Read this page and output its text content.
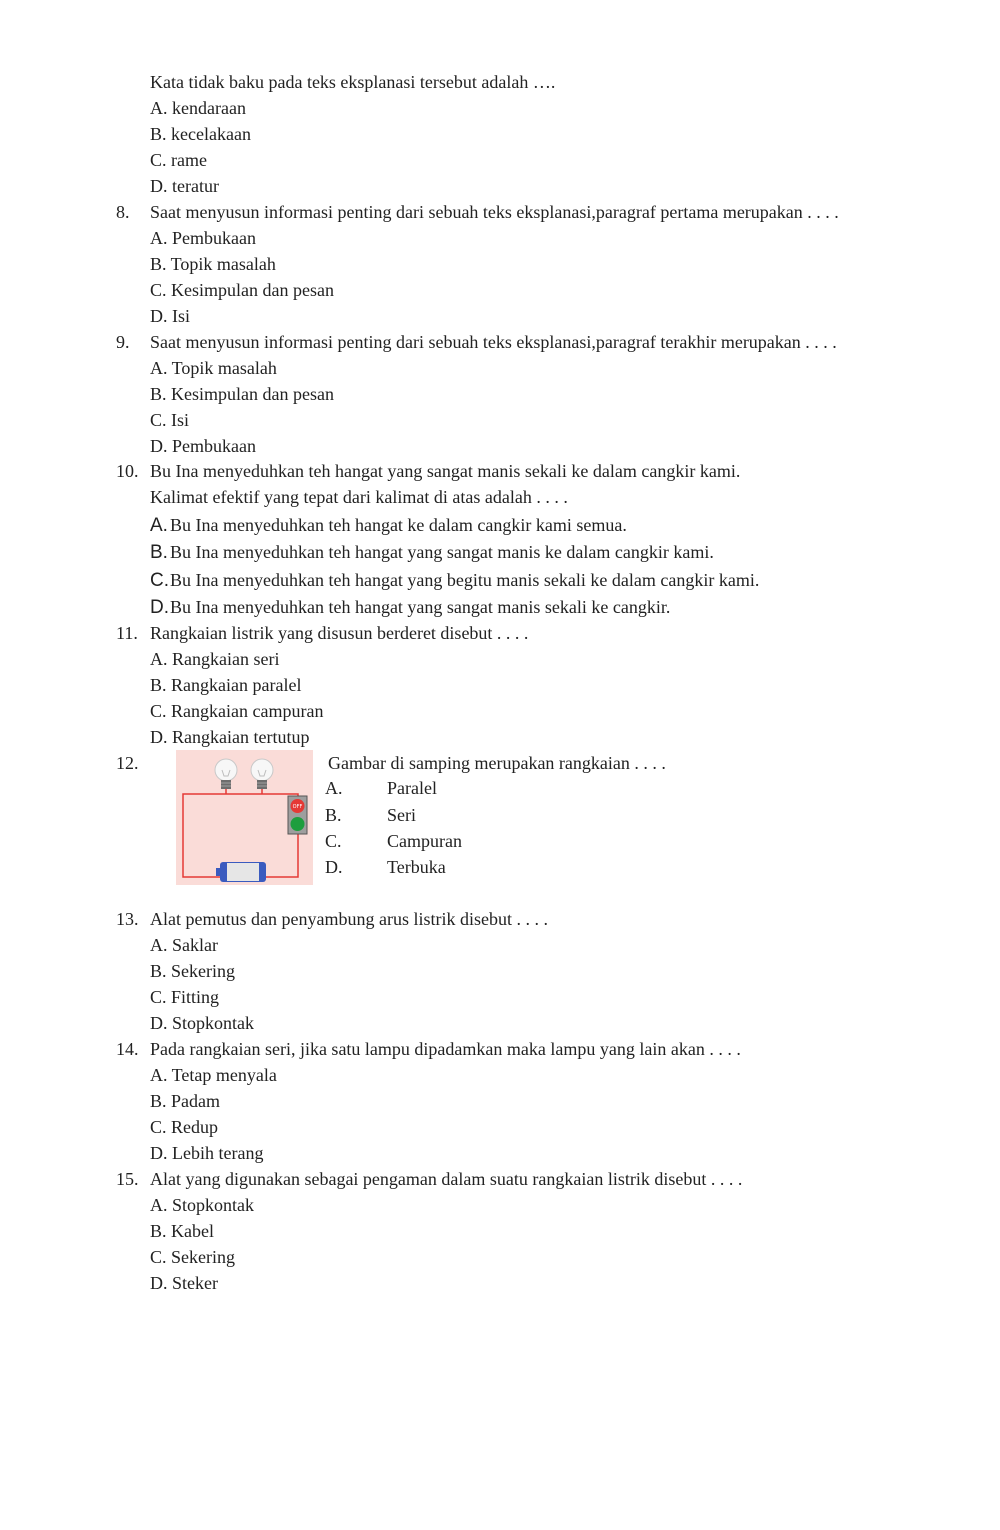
Kata tidak baku pada teks eksplanasi tersebut adalah ….
A. kendaraan
B. kecelakaan
C. rame
D. teratur
8. Saat menyusun informasi penting dari sebuah teks eksplanasi,paragraf pertama merupakan . . . .
A. Pembukaan
B. Topik masalah
C. Kesimpulan dan pesan
D. Isi
9. Saat menyusun informasi penting dari sebuah teks eksplanasi,paragraf terakhir merupakan . . . .
A. Topik masalah
B. Kesimpulan dan pesan
C. Isi
D. Pembukaan
10. Bu Ina menyeduhkan teh hangat yang sangat manis sekali ke dalam cangkir kami.
Kalimat efektif yang tepat dari kalimat di atas adalah . . . .
A. Bu Ina menyeduhkan teh hangat ke dalam cangkir kami semua.
B. Bu Ina menyeduhkan teh hangat yang sangat manis ke dalam cangkir kami.
C.Bu Ina menyeduhkan teh hangat yang begitu manis sekali ke dalam cangkir kami.
D.Bu Ina menyeduhkan teh hangat yang sangat manis sekali ke cangkir.
11. Rangkaian listrik yang disusun berderet disebut . . . .
A. Rangkaian seri
B. Rangkaian paralel
C. Rangkaian campuran
D. Rangkaian tertutup
12.
OFF
Gambar di samping merupakan rangkaian . . . .
A. Paralel
B.	Seri
C.	Campuran
D. Terbuka
13. Alat pemutus dan penyambung arus listrik disebut . . . .
A. Saklar
B. Sekering
C. Fitting
D. Stopkontak
14. Pada rangkaian seri, jika satu lampu dipadamkan maka lampu yang lain akan . . . .
A. Tetap menyala
B. Padam
C. Redup
D. Lebih terang
15. Alat yang digunakan sebagai pengaman dalam suatu rangkaian listrik disebut . . . .
A. Stopkontak
B. Kabel
C. Sekering
D. Steker
